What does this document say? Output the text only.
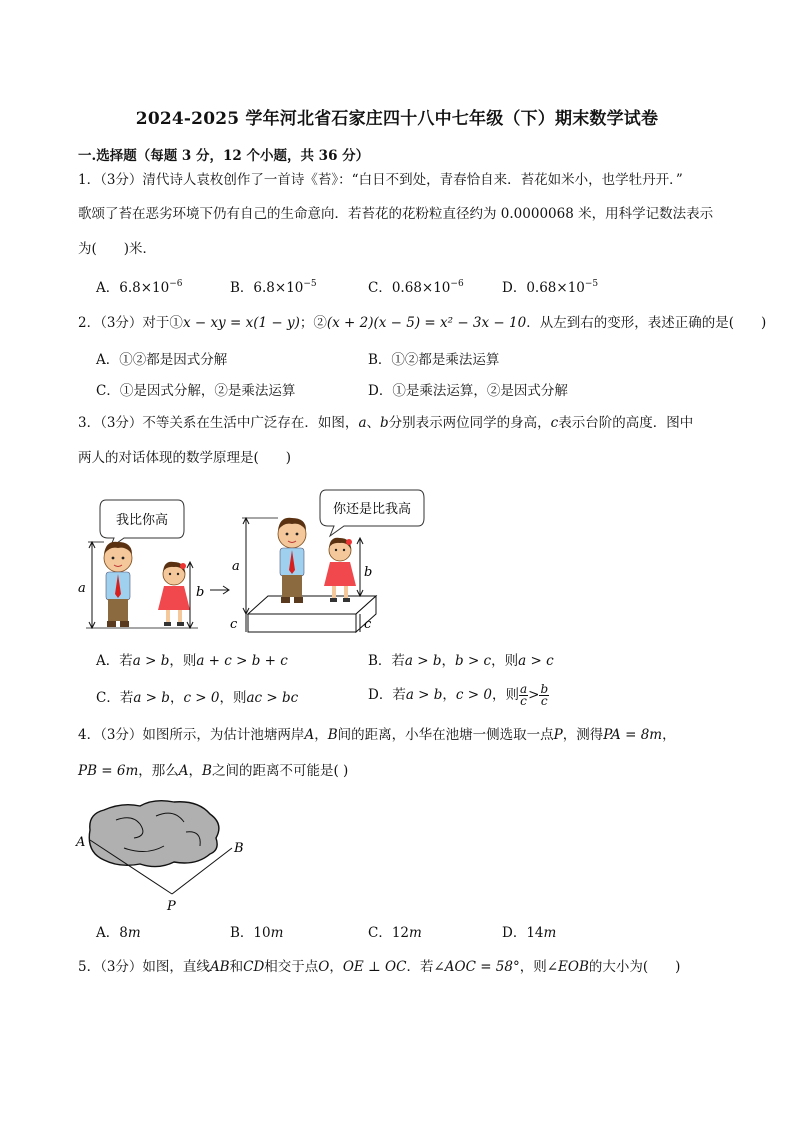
2024-2025 学年河北省石家庄四十八中七年级（下）期末数学试卷
一.选择题（每题 3 分，12 个小题，共 36 分）
1．（3分）清代诗人袁枚创作了一首诗《苔》：“白日不到处，青春恰自来．苔花如米小，也学牡丹开．”
歌颂了苔在恶劣环境下仍有自己的生命意向．若苔花的花粉粒直径约为 0.0000068 米，用科学记数法表示
为(　　)米．
A．$6.8\times 10^{-6}$	B．$6.8\times 10^{-5}$	C．$0.68\times 10^{-6}$	D．$0.68\times 10^{-5}$
2．（3分）对于①x − xy = x(1 − y)；②(x + 2)(x − 5) = x² − 3x − 10．从左到右的变形，表述正确的是(　　)
A．①②都是因式分解	B．①②都是乘法运算
C．①是因式分解，②是乘法运算	D．①是乘法运算，②是因式分解
3．（3分）不等关系在生活中广泛存在．如图，a、b分别表示两位同学的身高，c表示台阶的高度．图中
两人的对话体现的数学原理是(　　)
我比你高
a	b
你还是比我高
a
c
b
c
A．若a > b，则a + c > b + c	B．若a > b，b > c，则a > c
C．若a > b，c > 0，则ac > bc	D．若a > b，c > 0，则 $\frac{a}{c} > \frac{b}{c}$
4．（3分）如图所示，为估计池塘两岸A，B间的距离，小华在池塘一侧选取一点P，测得PA = 8m，
PB = 6m，那么A，B之间的距离不可能是( )
A	B
P
A．8m	B．10m	C．12m	D．14m
5．（3分）如图，直线AB和CD相交于点O，OE ⊥ OC．若∠AOC = 58°，则∠EOB的大小为(　　)
